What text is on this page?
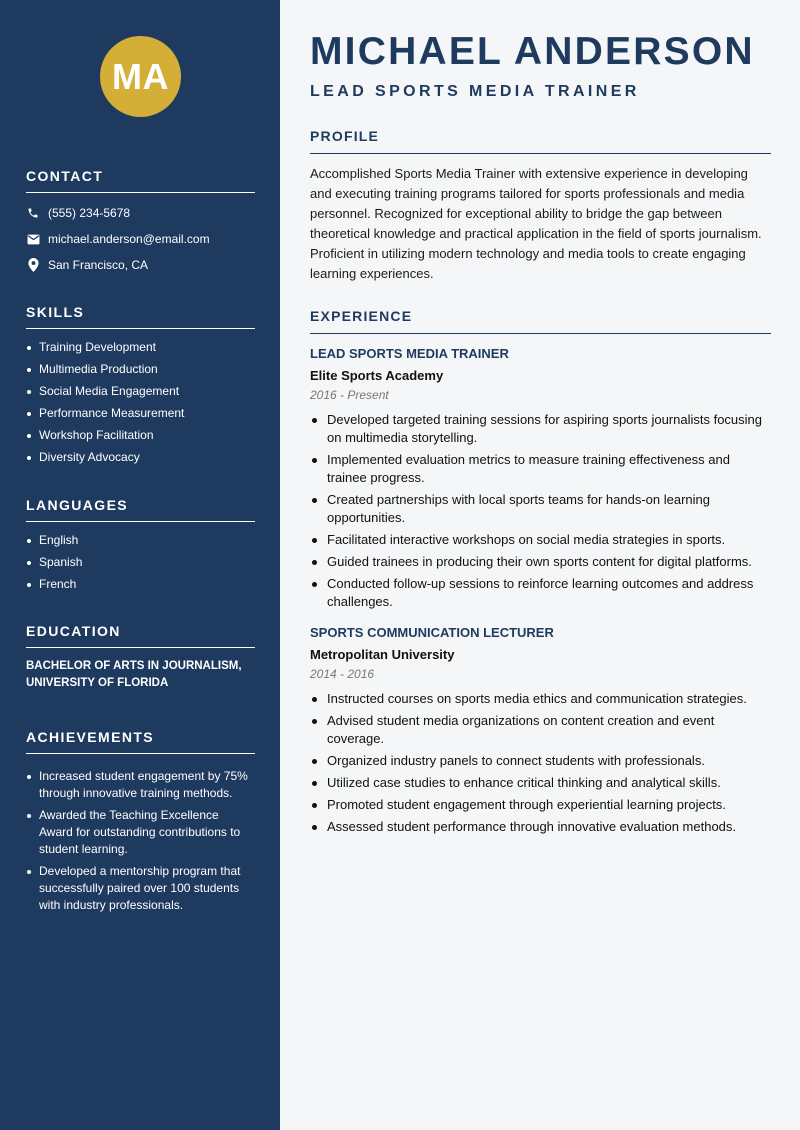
MA
CONTACT
(555) 234-5678
michael.anderson@email.com
San Francisco, CA
SKILLS
Training Development
Multimedia Production
Social Media Engagement
Performance Measurement
Workshop Facilitation
Diversity Advocacy
LANGUAGES
English
Spanish
French
EDUCATION

BACHELOR OF ARTS IN JOURNALISM, UNIVERSITY OF FLORIDA

ACHIEVEMENTS
Increased student engagement by 75% through innovative training methods.
Awarded the Teaching Excellence Award for outstanding contributions to student learning.
Developed a mentorship program that successfully paired over 100 students with industry professionals.
MICHAEL ANDERSON
LEAD SPORTS MEDIA TRAINER
PROFILE

Accomplished Sports Media Trainer with extensive experience in developing and executing training programs tailored for sports professionals and media personnel. Recognized for exceptional ability to bridge the gap between theoretical knowledge and practical application in the field of sports journalism. Proficient in utilizing modern technology and media tools to create engaging learning experiences.

EXPERIENCE
LEAD SPORTS MEDIA TRAINER
Elite Sports Academy
2016 - Present
Developed targeted training sessions for aspiring sports journalists focusing on multimedia storytelling.
Implemented evaluation metrics to measure training effectiveness and trainee progress.
Created partnerships with local sports teams for hands-on learning opportunities.
Facilitated interactive workshops on social media strategies in sports.
Guided trainees in producing their own sports content for digital platforms.
Conducted follow-up sessions to reinforce learning outcomes and address challenges.
SPORTS COMMUNICATION LECTURER
Metropolitan University
2014 - 2016
Instructed courses on sports media ethics and communication strategies.
Advised student media organizations on content creation and event coverage.
Organized industry panels to connect students with professionals.
Utilized case studies to enhance critical thinking and analytical skills.
Promoted student engagement through experiential learning projects.
Assessed student performance through innovative evaluation methods.
